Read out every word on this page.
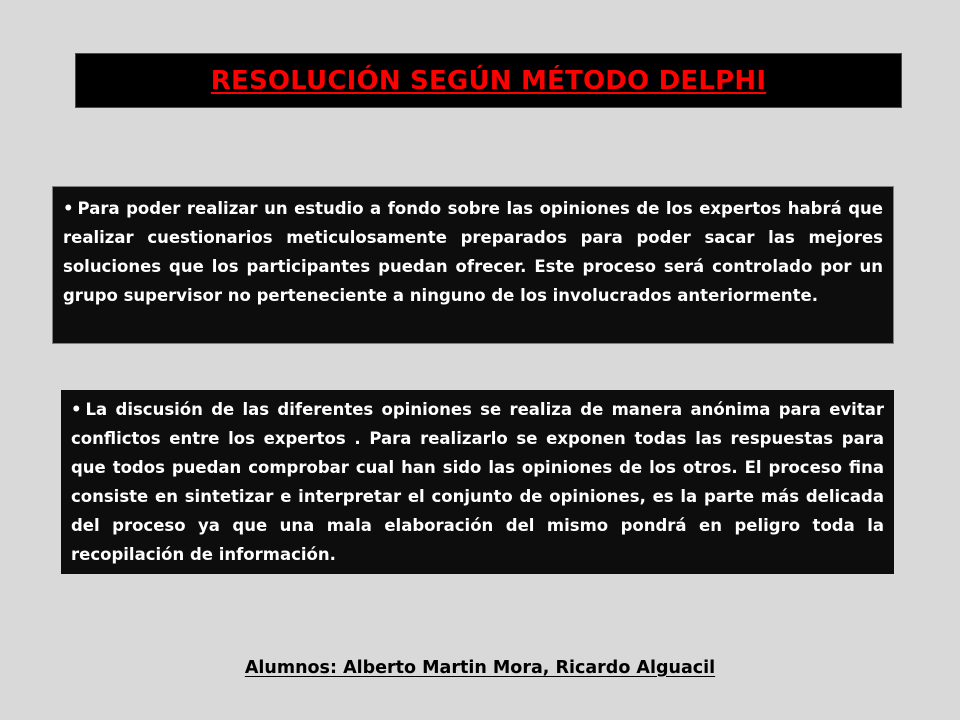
RESOLUCIÓN SEGÚN MÉTODO DELPHI
• Para poder realizar un estudio a fondo sobre las opiniones de los expertos habrá que realizar cuestionarios meticulosamente preparados para poder sacar las mejores soluciones que los participantes puedan ofrecer. Este proceso será controlado por un grupo supervisor no perteneciente a ninguno de los involucrados anteriormente.
• La discusión de las diferentes opiniones se realiza de manera anónima para evitar conflictos entre los expertos . Para realizarlo se exponen todas las respuestas para que todos puedan comprobar cual han sido las opiniones de los otros. El proceso fina consiste en sintetizar e interpretar el conjunto de opiniones, es la parte más delicada del proceso ya que una mala elaboración del mismo pondrá en peligro toda la recopilación de información.
Alumnos: Alberto Martin Mora, Ricardo Alguacil
